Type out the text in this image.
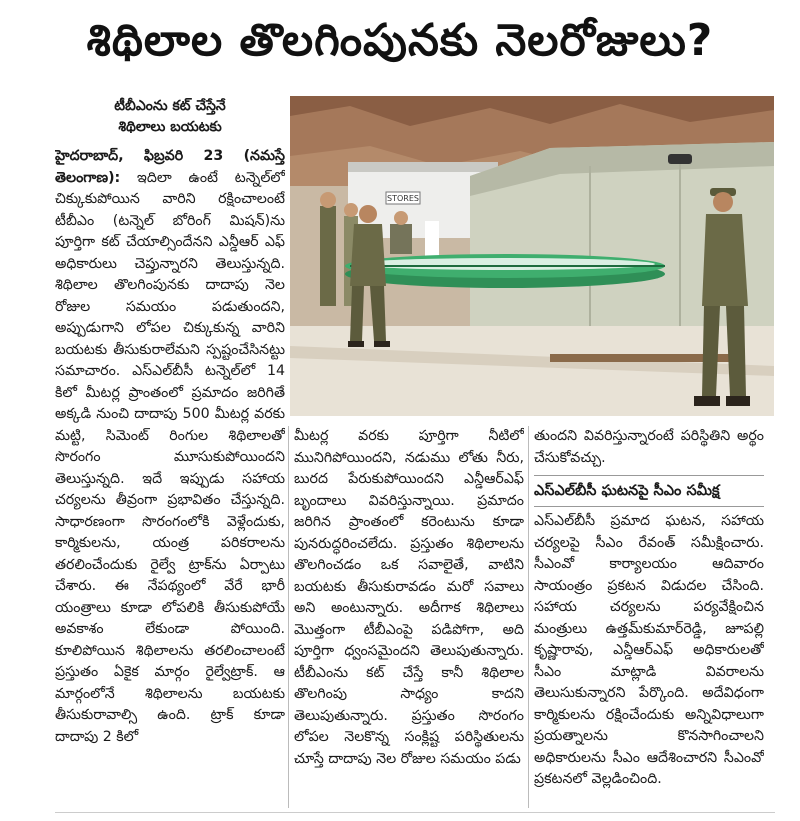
శిథిలాల తొలగింపునకు నెలరోజులు?
టీబీఎంను కట్ చేస్తేనే
శిథిలాలు బయటకు

హైదరాబాద్, ఫిబ్రవరి 23 (నమస్తే తెలంగాణ): ఇదిలా ఉంటే టన్నెల్‌లో చిక్కుకుపోయిన వారిని రక్షించాలంటే టీబీఎం (టన్నెల్ బోరింగ్ మిషన్)ను పూర్తిగా కట్ చేయాల్సిందేనని ఎన్డీఆర్ ఎఫ్ అధికారులు చెప్తున్నారని తెలుస్తున్నది. శిథిలాల తొలగింపునకు దాదాపు నెల రోజుల సమయం పడుతుందని, అప్పుడుగాని లోపల చిక్కుకున్న వారిని బయటకు తీసుకురాలేమని స్పష్టంచేసినట్టు సమాచారం. ఎస్ఎల్‌బీసీ టన్నెల్‌లో 14 కిలో మీటర్ల ప్రాంతంలో ప్రమాదం జరిగితే అక్కడి నుంచి దాదాపు 500 మీటర్ల వరకు మట్టి, సిమెంట్ రింగుల శిథిలాలతో సొరంగం మూసుకుపోయిందని తెలుస్తున్నది. ఇదే ఇప్పుడు సహాయ చర్యలను తీవ్రంగా ప్రభావితం చేస్తున్నది. సాధారణంగా సొరంగంలోకి వెళ్లేందుకు, కార్మికులను, యంత్ర పరికరాలను తరలించేందుకు రైల్వే ట్రాక్‌ను ఏర్పాటు చేశారు. ఈ నేపథ్యంలో వేరే భారీ యంత్రాలు కూడా లోపలికి తీసుకుపోయే అవకాశం లేకుండా పోయింది. కూలిపోయిన శిథిలాలను తరలించాలంటే ప్రస్తుతం ఏకైక మార్గం రైల్వేట్రాక్. ఆ మార్గంలోనే శిథిలాలను బయటకు తీసుకురావాల్సి ఉంది. ట్రాక్ కూడా దాదాపు 2 కిలో

STORES

మీటర్ల వరకు పూర్తిగా నీటిలో మునిగిపోయిందని, నడుము లోతు నీరు, బురద పేరుకుపోయిందని ఎన్డీఆర్ఎఫ్ బృందాలు వివరిస్తున్నాయి. ప్రమాదం జరిగిన ప్రాంతంలో కరెంటును కూడా పునరుద్ధరించలేదు. ప్రస్తుతం శిథిలాలను తొలగించడం ఒక సవాలైతే, వాటిని బయటకు తీసుకురావడం మరో సవాలు అని అంటున్నారు. అదీగాక శిథిలాలు మొత్తంగా టీబీఎంపై పడిపోగా, అది పూర్తిగా ధ్వంసమైందని తెలుపుతున్నారు. టీబీఎంను కట్ చేస్తే కానీ శిథిలాల తొలగింపు సాధ్యం కాదని తెలుపుతున్నారు. ప్రస్తుతం సొరంగం లోపల నెలకొన్న సంక్లిష్ట పరిస్థితులను చూస్తే దాదాపు నెల రోజుల సమయం పడు

తుందని వివరిస్తున్నారంటే పరిస్థితిని అర్థం చేసుకోవచ్చు.

ఎస్ఎల్‌బీసీ ఘటనపై సీఎం సమీక్ష

ఎస్ఎల్‌బీసీ ప్రమాద ఘటన, సహాయ చర్యలపై సీఎం రేవంత్ సమీక్షించారు. సీఎంవో కార్యాలయం ఆదివారం సాయంత్రం ప్రకటన విడుదల చేసింది. సహాయ చర్యలను పర్యవేక్షించిన మంత్రులు ఉత్తమ్‌కుమార్‌రెడ్డి, జూపల్లి కృష్ణారావు, ఎన్డీఆర్ఎఫ్ అధికారులతో సీఎం మాట్లాడి వివరాలను తెలుసుకున్నారని పేర్కొంది. అదేవిధంగా కార్మికులను రక్షించేందుకు అన్నివిధాలుగా ప్రయత్నాలను కొనసాగించాలని అధికారులను సీఎం ఆదేశించారని సీఎంవో ప్రకటనలో వెల్లడించింది.
